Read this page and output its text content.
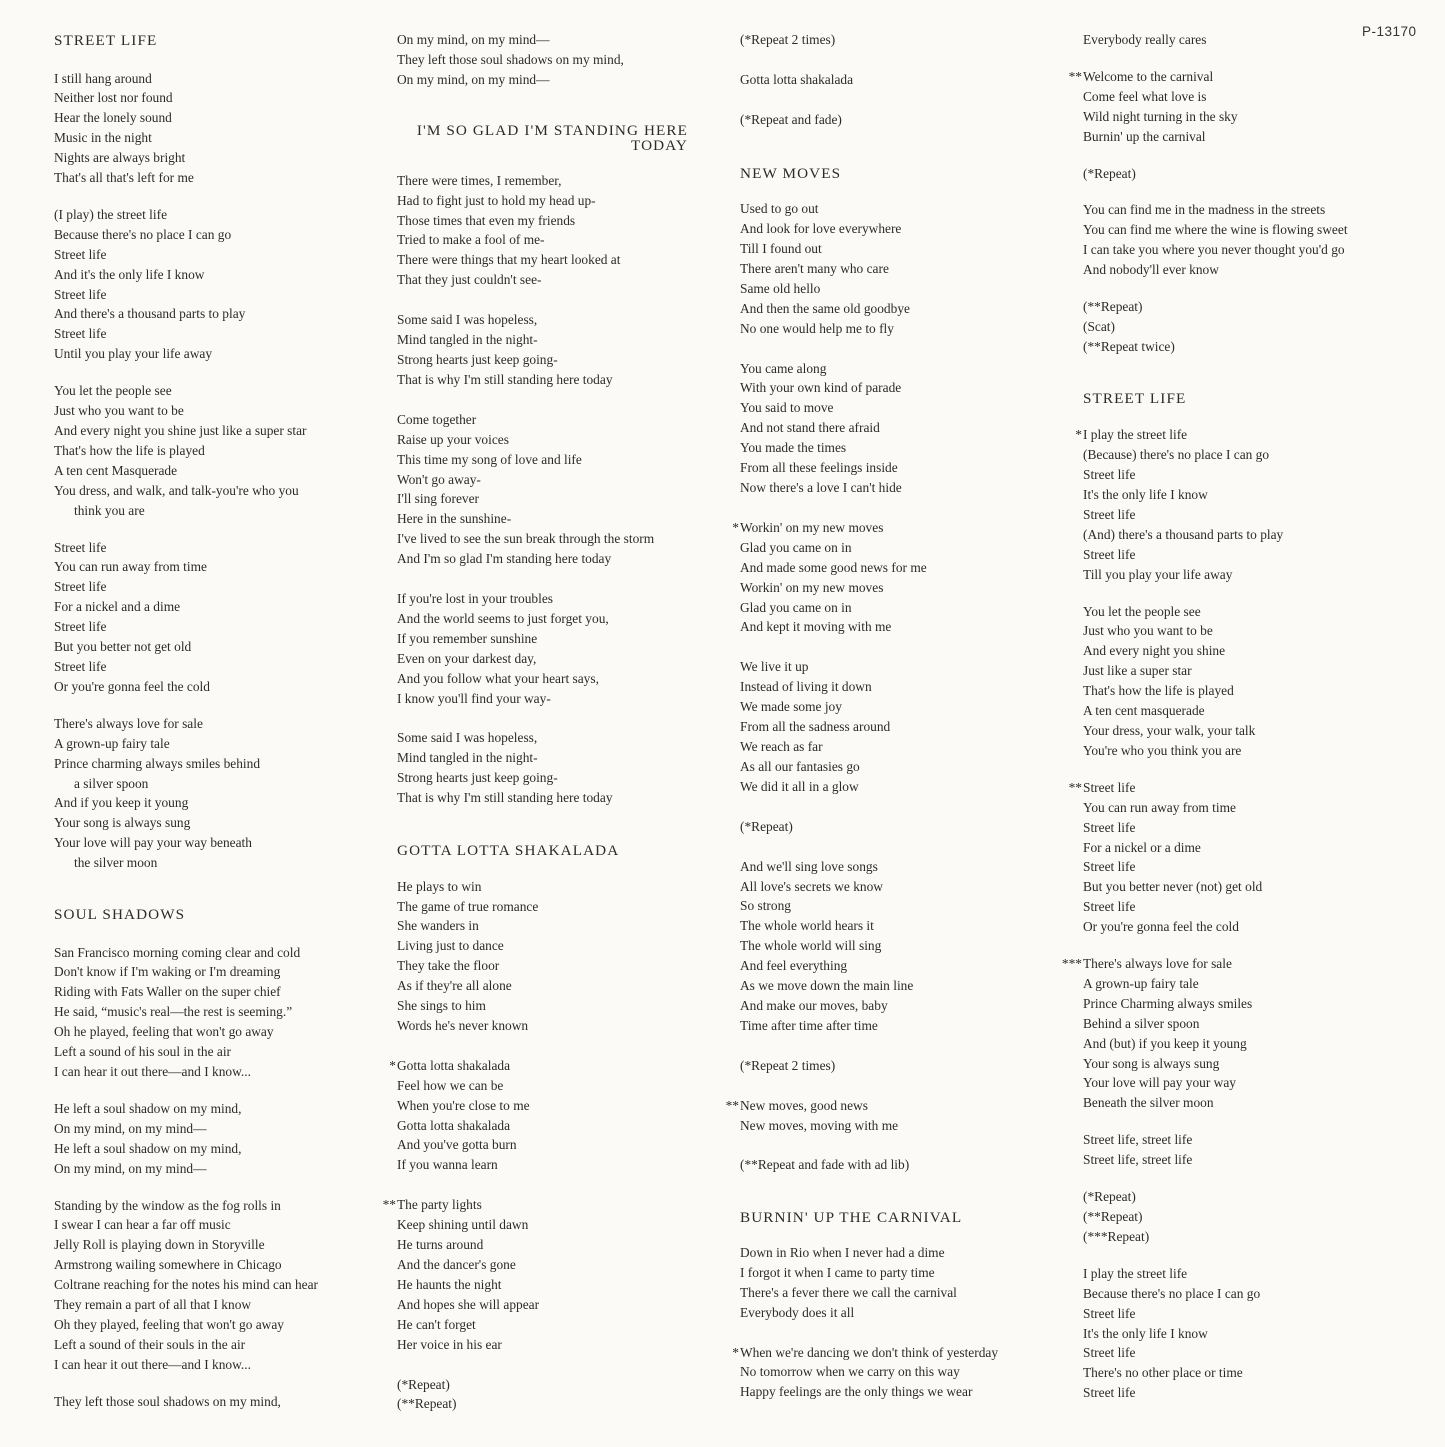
P-13170
STREET LIFE
I still hang around
Neither lost nor found
Hear the lonely sound
Music in the night
Nights are always bright
That's all that's left for me
(I play) the street life
Because there's no place I can go
Street life
And it's the only life I know
Street life
And there's a thousand parts to play
Street life
Until you play your life away
You let the people see
Just who you want to be
And every night you shine just like a super star
That's how the life is played
A ten cent Masquerade
You dress, and walk, and talk-you're who you
think you are
Street life
You can run away from time
Street life
For a nickel and a dime
Street life
But you better not get old
Street life
Or you're gonna feel the cold
There's always love for sale
A grown-up fairy tale
Prince charming always smiles behind
a silver spoon
And if you keep it young
Your song is always sung
Your love will pay your way beneath
the silver moon
SOUL SHADOWS
San Francisco morning coming clear and cold
Don't know if I'm waking or I'm dreaming
Riding with Fats Waller on the super chief
He said, “music's real—the rest is seeming.”
Oh he played, feeling that won't go away
Left a sound of his soul in the air
I can hear it out there—and I know...
He left a soul shadow on my mind,
On my mind, on my mind—
He left a soul shadow on my mind,
On my mind, on my mind—
Standing by the window as the fog rolls in
I swear I can hear a far off music
Jelly Roll is playing down in Storyville
Armstrong wailing somewhere in Chicago
Coltrane reaching for the notes his mind can hear
They remain a part of all that I know
Oh they played, feeling that won't go away
Left a sound of their souls in the air
I can hear it out there—and I know...
They left those soul shadows on my mind,
On my mind, on my mind—
They left those soul shadows on my mind,
On my mind, on my mind—
I'M SO GLAD I'M STANDING HERE
TODAY
There were times, I remember,
Had to fight just to hold my head up-
Those times that even my friends
Tried to make a fool of me-
There were things that my heart looked at
That they just couldn't see-
Some said I was hopeless,
Mind tangled in the night-
Strong hearts just keep going-
That is why I'm still standing here today
Come together
Raise up your voices
This time my song of love and life
Won't go away-
I'll sing forever
Here in the sunshine-
I've lived to see the sun break through the storm
And I'm so glad I'm standing here today
If you're lost in your troubles
And the world seems to just forget you,
If you remember sunshine
Even on your darkest day,
And you follow what your heart says,
I know you'll find your way-
Some said I was hopeless,
Mind tangled in the night-
Strong hearts just keep going-
That is why I'm still standing here today
GOTTA LOTTA SHAKALADA
He plays to win
The game of true romance
She wanders in
Living just to dance
They take the floor
As if they're all alone
She sings to him
Words he's never known
* Gotta lotta shakalada
Feel how we can be
When you're close to me
Gotta lotta shakalada
And you've gotta burn
If you wanna learn
** The party lights
Keep shining until dawn
He turns around
And the dancer's gone
He haunts the night
And hopes she will appear
He can't forget
Her voice in his ear
(*Repeat)
(**Repeat)
(*Repeat 2 times)
Gotta lotta shakalada
(*Repeat and fade)
NEW MOVES
Used to go out
And look for love everywhere
Till I found out
There aren't many who care
Same old hello
And then the same old goodbye
No one would help me to fly
You came along
With your own kind of parade
You said to move
And not stand there afraid
You made the times
From all these feelings inside
Now there's a love I can't hide
* Workin' on my new moves
Glad you came on in
And made some good news for me
Workin' on my new moves
Glad you came on in
And kept it moving with me
We live it up
Instead of living it down
We made some joy
From all the sadness around
We reach as far
As all our fantasies go
We did it all in a glow
(*Repeat)
And we'll sing love songs
All love's secrets we know
So strong
The whole world hears it
The whole world will sing
And feel everything
As we move down the main line
And make our moves, baby
Time after time after time
(*Repeat 2 times)
** New moves, good news
New moves, moving with me
(**Repeat and fade with ad lib)
BURNIN' UP THE CARNIVAL
Down in Rio when I never had a dime
I forgot it when I came to party time
There's a fever there we call the carnival
Everybody does it all
* When we're dancing we don't think of yesterday
No tomorrow when we carry on this way
Happy feelings are the only things we wear
Everybody really cares
** Welcome to the carnival
Come feel what love is
Wild night turning in the sky
Burnin' up the carnival
(*Repeat)
You can find me in the madness in the streets
You can find me where the wine is flowing sweet
I can take you where you never thought you'd go
And nobody'll ever know
(**Repeat)
(Scat)
(**Repeat twice)
STREET LIFE
* I play the street life
(Because) there's no place I can go
Street life
It's the only life I know
Street life
(And) there's a thousand parts to play
Street life
Till you play your life away
You let the people see
Just who you want to be
And every night you shine
Just like a super star
That's how the life is played
A ten cent masquerade
Your dress, your walk, your talk
You're who you think you are
** Street life
You can run away from time
Street life
For a nickel or a dime
Street life
But you better never (not) get old
Street life
Or you're gonna feel the cold
*** There's always love for sale
A grown-up fairy tale
Prince Charming always smiles
Behind a silver spoon
And (but) if you keep it young
Your song is always sung
Your love will pay your way
Beneath the silver moon
Street life, street life
Street life, street life
(*Repeat)
(**Repeat)
(***Repeat)
I play the street life
Because there's no place I can go
Street life
It's the only life I know
Street life
There's no other place or time
Street life
